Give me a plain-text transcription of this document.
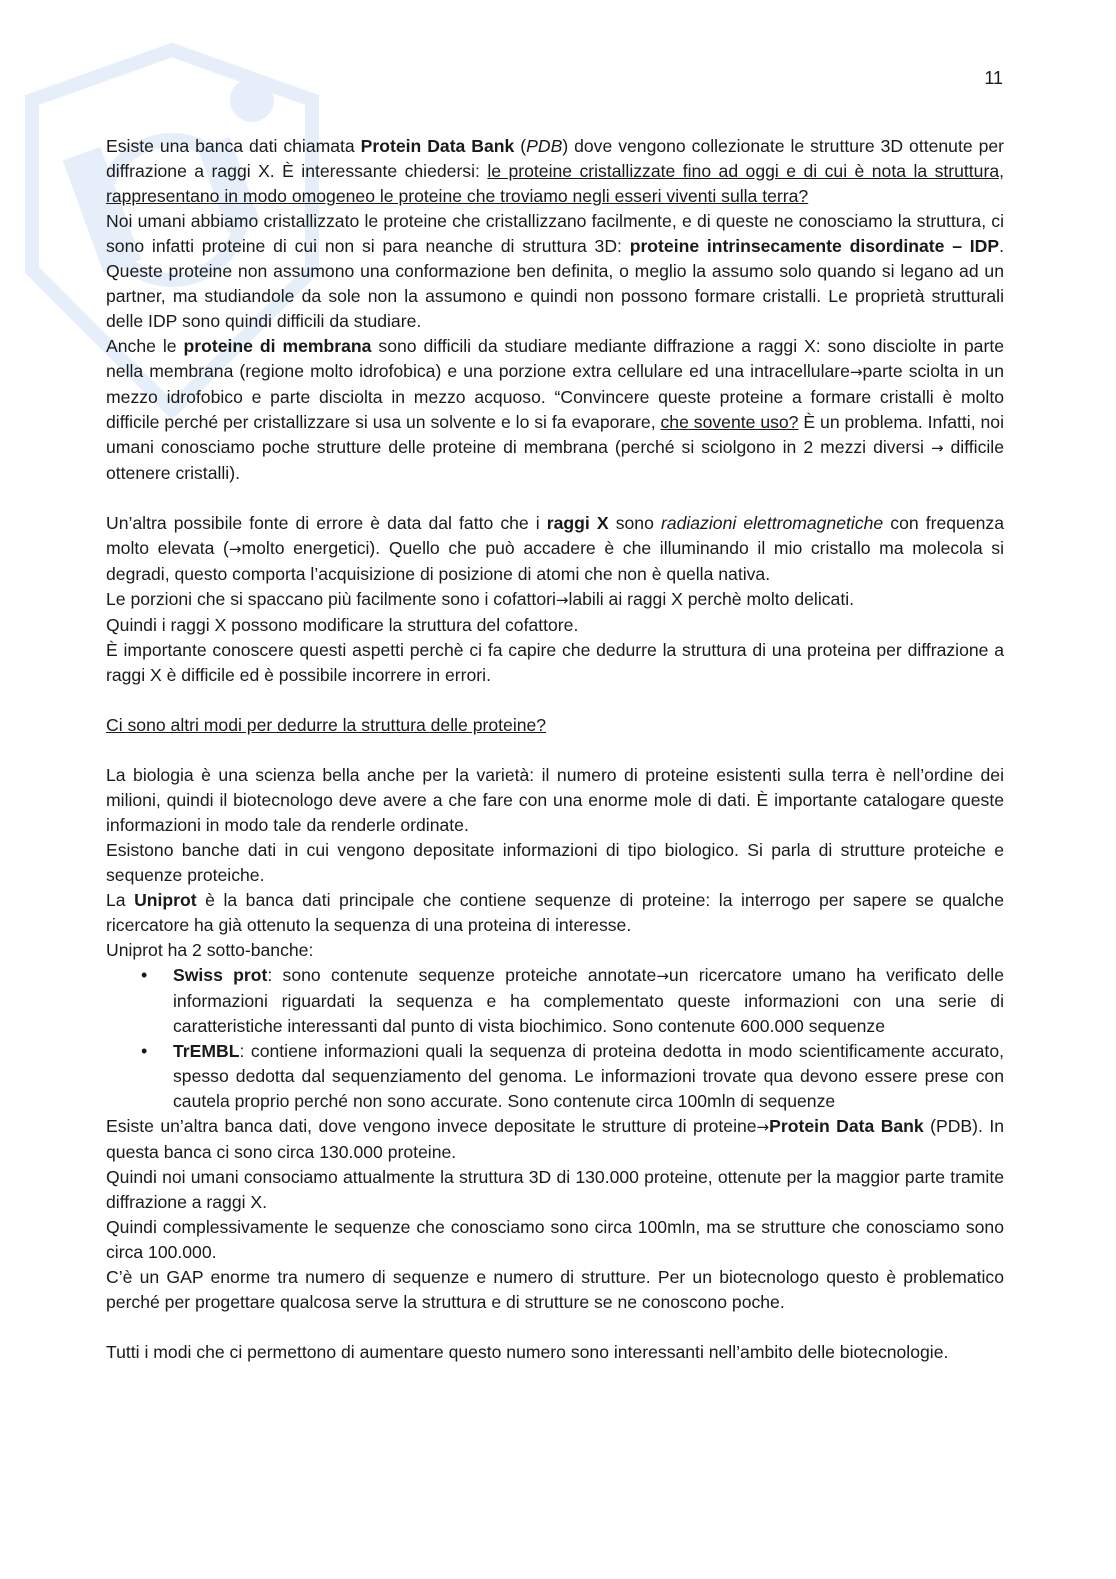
11

Esiste una banca dati chiamata Protein Data Bank (PDB) dove vengono collezionate le strutture 3D ottenute per diffrazione a raggi X. È interessante chiedersi: le proteine cristallizzate fino ad oggi e di cui è nota la struttura, rappresentano in modo omogeneo le proteine che troviamo negli esseri viventi sulla terra?

Noi umani abbiamo cristallizzato le proteine che cristallizzano facilmente, e di queste ne conosciamo la struttura, ci sono infatti proteine di cui non si para neanche di struttura 3D: proteine intrinsecamente disordinate – IDP. Queste proteine non assumono una conformazione ben definita, o meglio la assumo solo quando si legano ad un partner, ma studiandole da sole non la assumono e quindi non possono formare cristalli. Le proprietà strutturali delle IDP sono quindi difficili da studiare.

Anche le proteine di membrana sono difficili da studiare mediante diffrazione a raggi X: sono disciolte in parte nella membrana (regione molto idrofobica) e una porzione extra cellulare ed una intracellulare→parte sciolta in un mezzo idrofobico e parte disciolta in mezzo acquoso. “Convincere queste proteine a formare cristalli è molto difficile perché per cristallizzare si usa un solvente e lo si fa evaporare, che sovente uso? È un problema. Infatti, noi umani conosciamo poche strutture delle proteine di membrana (perché si sciolgono in 2 mezzi diversi → difficile ottenere cristalli).

Un’altra possibile fonte di errore è data dal fatto che i raggi X sono radiazioni elettromagnetiche con frequenza molto elevata (→molto energetici). Quello che può accadere è che illuminando il mio cristallo ma molecola si degradi, questo comporta l’acquisizione di posizione di atomi che non è quella nativa.

Le porzioni che si spaccano più facilmente sono i cofattori→labili ai raggi X perchè molto delicati.

Quindi i raggi X possono modificare la struttura del cofattore.

È importante conoscere questi aspetti perchè ci fa capire che dedurre la struttura di una proteina per diffrazione a raggi X è difficile ed è possibile incorrere in errori.

Ci sono altri modi per dedurre la struttura delle proteine?

La biologia è una scienza bella anche per la varietà: il numero di proteine esistenti sulla terra è nell’ordine dei milioni, quindi il biotecnologo deve avere a che fare con una enorme mole di dati. È importante catalogare queste informazioni in modo tale da renderle ordinate.

Esistono banche dati in cui vengono depositate informazioni di tipo biologico. Si parla di strutture proteiche e sequenze proteiche.

La Uniprot è la banca dati principale che contiene sequenze di proteine: la interrogo per sapere se qualche ricercatore ha già ottenuto la sequenza di una proteina di interesse.

Uniprot ha 2 sotto-banche:

• Swiss prot: sono contenute sequenze proteiche annotate→un ricercatore umano ha verificato delle informazioni riguardati la sequenza e ha complementato queste informazioni con una serie di caratteristiche interessanti dal punto di vista biochimico. Sono contenute 600.000 sequenze
• TrEMBL: contiene informazioni quali la sequenza di proteina dedotta in modo scientificamente accurato, spesso dedotta dal sequenziamento del genoma. Le informazioni trovate qua devono essere prese con cautela proprio perché non sono accurate. Sono contenute circa 100mln di sequenze

Esiste un’altra banca dati, dove vengono invece depositate le strutture di proteine→Protein Data Bank (PDB). In questa banca ci sono circa 130.000 proteine.

Quindi noi umani consociamo attualmente la struttura 3D di 130.000 proteine, ottenute per la maggior parte tramite diffrazione a raggi X.

Quindi complessivamente le sequenze che conosciamo sono circa 100mln, ma se strutture che conosciamo sono circa 100.000.

C’è un GAP enorme tra numero di sequenze e numero di strutture. Per un biotecnologo questo è problematico perché per progettare qualcosa serve la struttura e di strutture se ne conoscono poche.

Tutti i modi che ci permettono di aumentare questo numero sono interessanti nell’ambito delle biotecnologie.
